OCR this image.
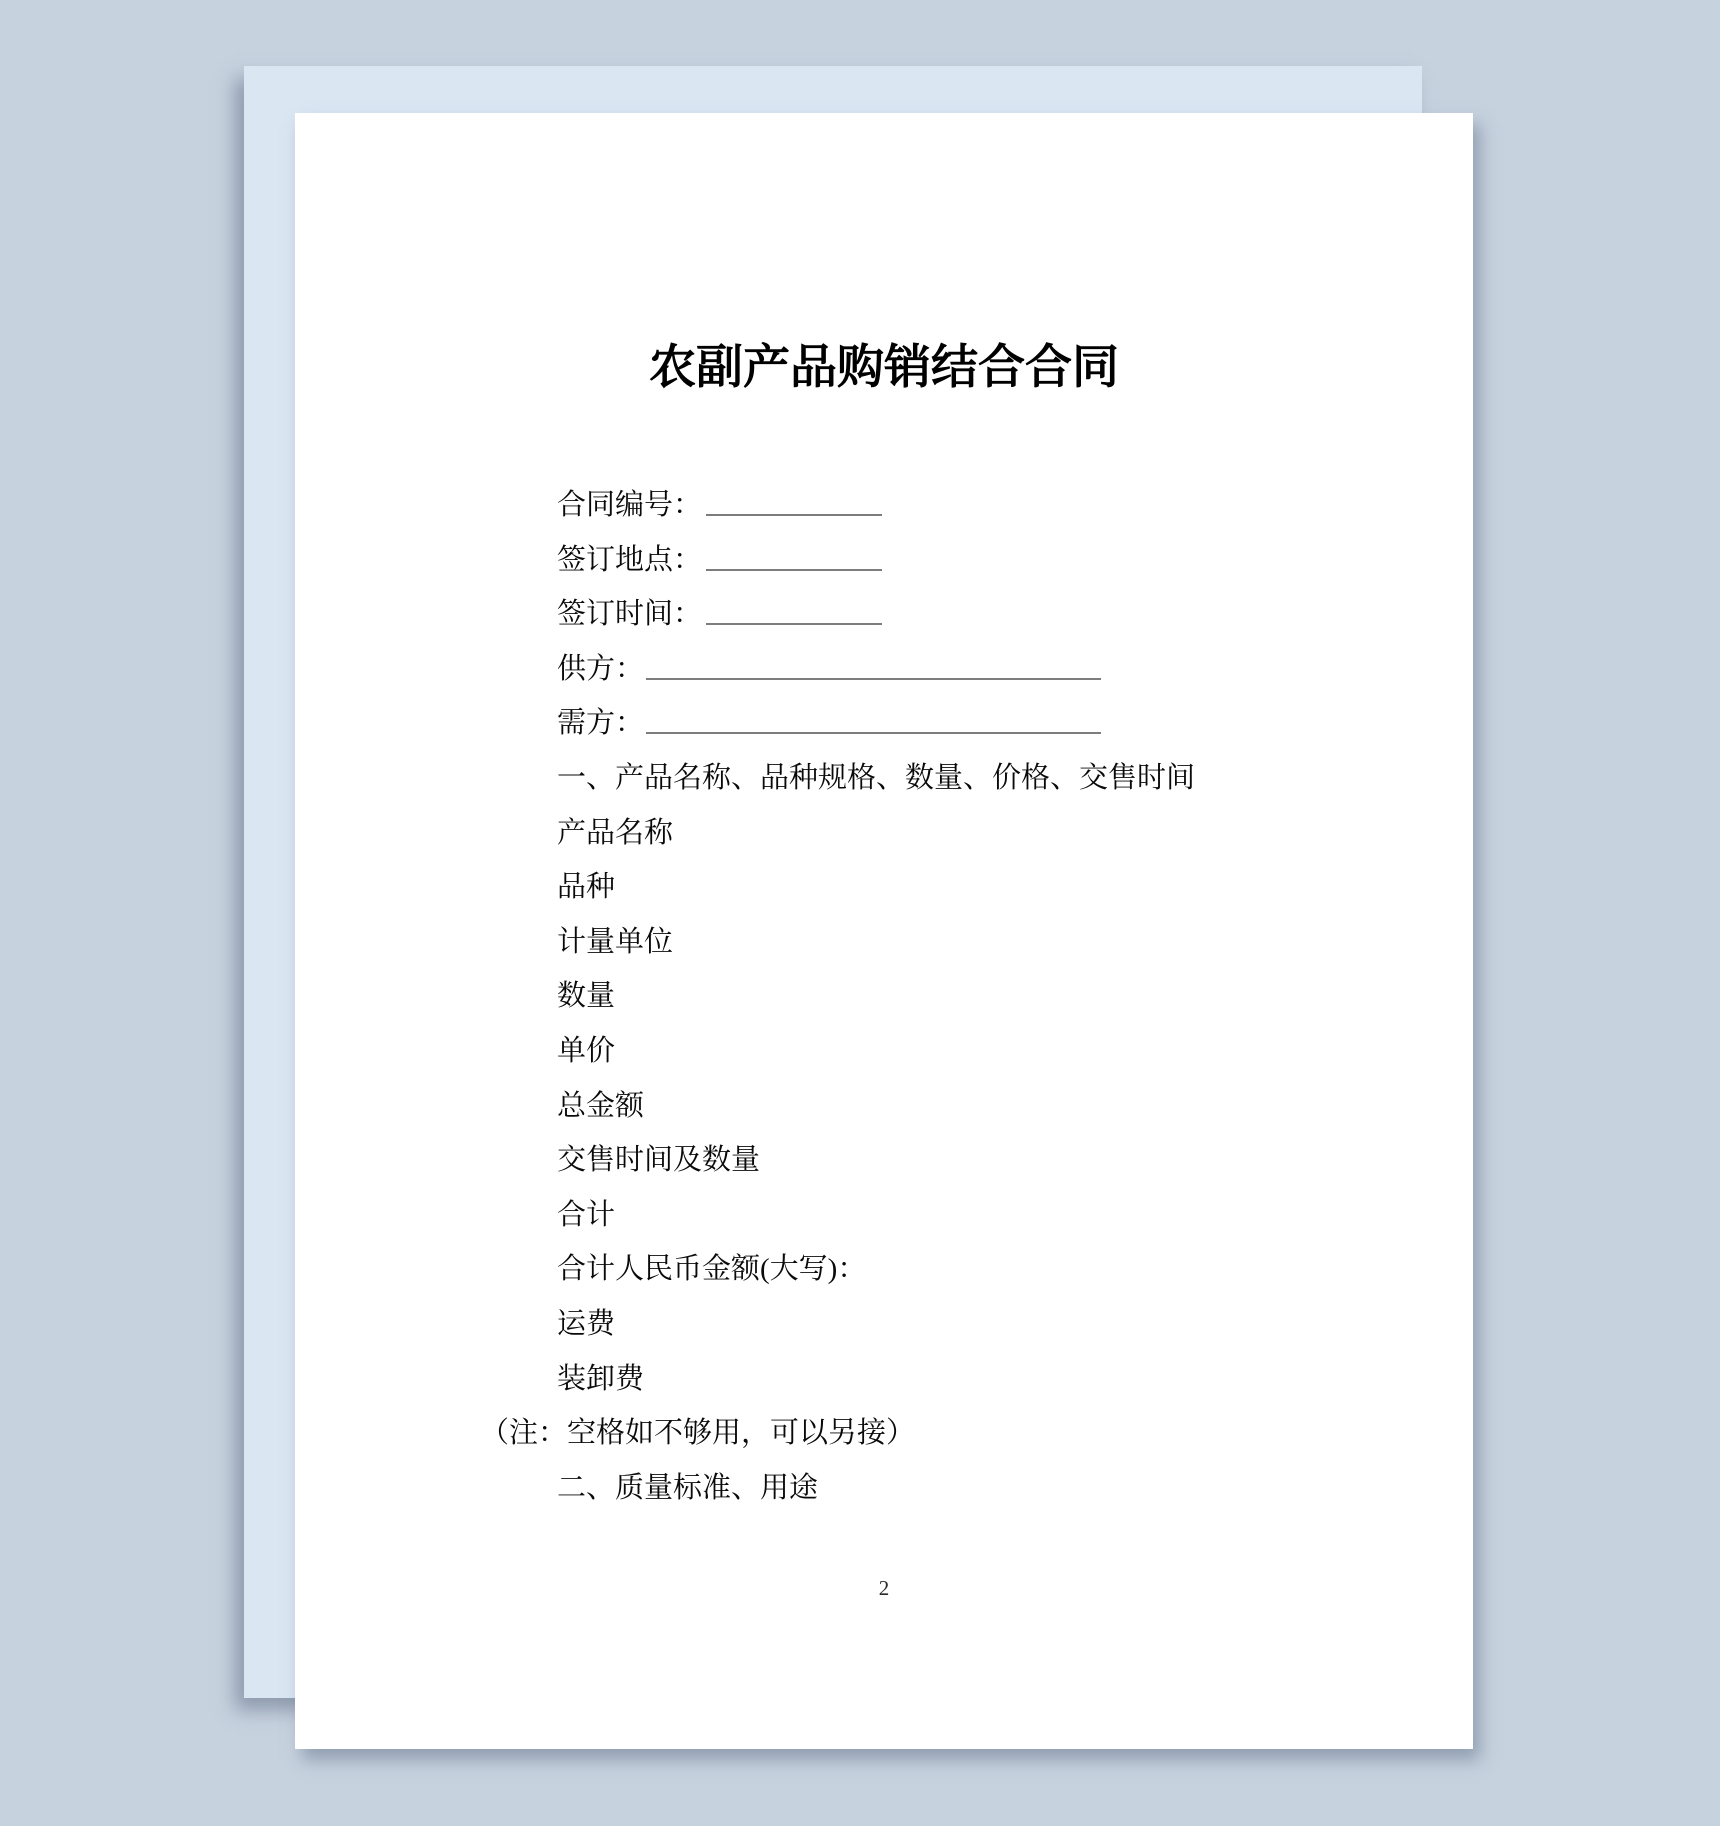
农副产品购销结合合同
合同编号：
签订地点：
签订时间：
供方：
需方：
一、产品名称、品种规格、数量、价格、交售时间
产品名称
品种
计量单位
数量
单价
总金额
交售时间及数量
合计
合计人民币金额(大写)：
运费
装卸费
（注：空格如不够用，可以另接）
二、质量标准、用途
2
